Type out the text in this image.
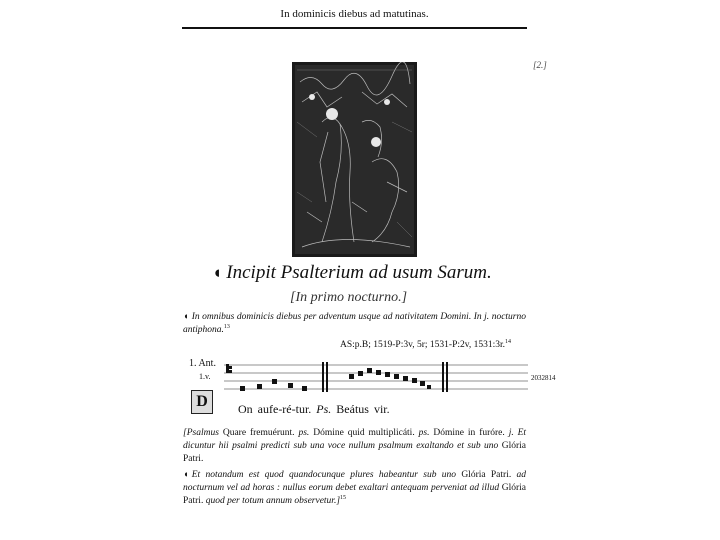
In dominicis diebus ad matutinas.
[2.]
◖ Incipit Psalterium ad usum Sarum.
[In primo nocturno.]
◖ In omnibus dominicis diebus per adventum usque ad nativitatem Domini. In j. nocturno antiphona.$^{13}$
AS:p.B; 1519-P:3v, 5r; 1531-P:2v, 1531:3r.$^{14}$
1. Ant.
1.v.	2032814
D	On aufe-ré-tur. Ps. Beátus vir.
[Psalmus Quare fremuérunt. ps. Dómine quid multiplicáti. ps. Dómine in furóre. j. Et dicuntur hii psalmi predicti sub una voce nullum psalmum exaltando et sub uno Glória Patri.
◖ Et notandum est quod quandocunque plures habeantur sub uno Glória Patri. ad nocturnum vel ad horas : nullus eorum debet exaltari antequam perveniat ad illud Glória Patri. quod per totum annum observetur.]$^{15}$
